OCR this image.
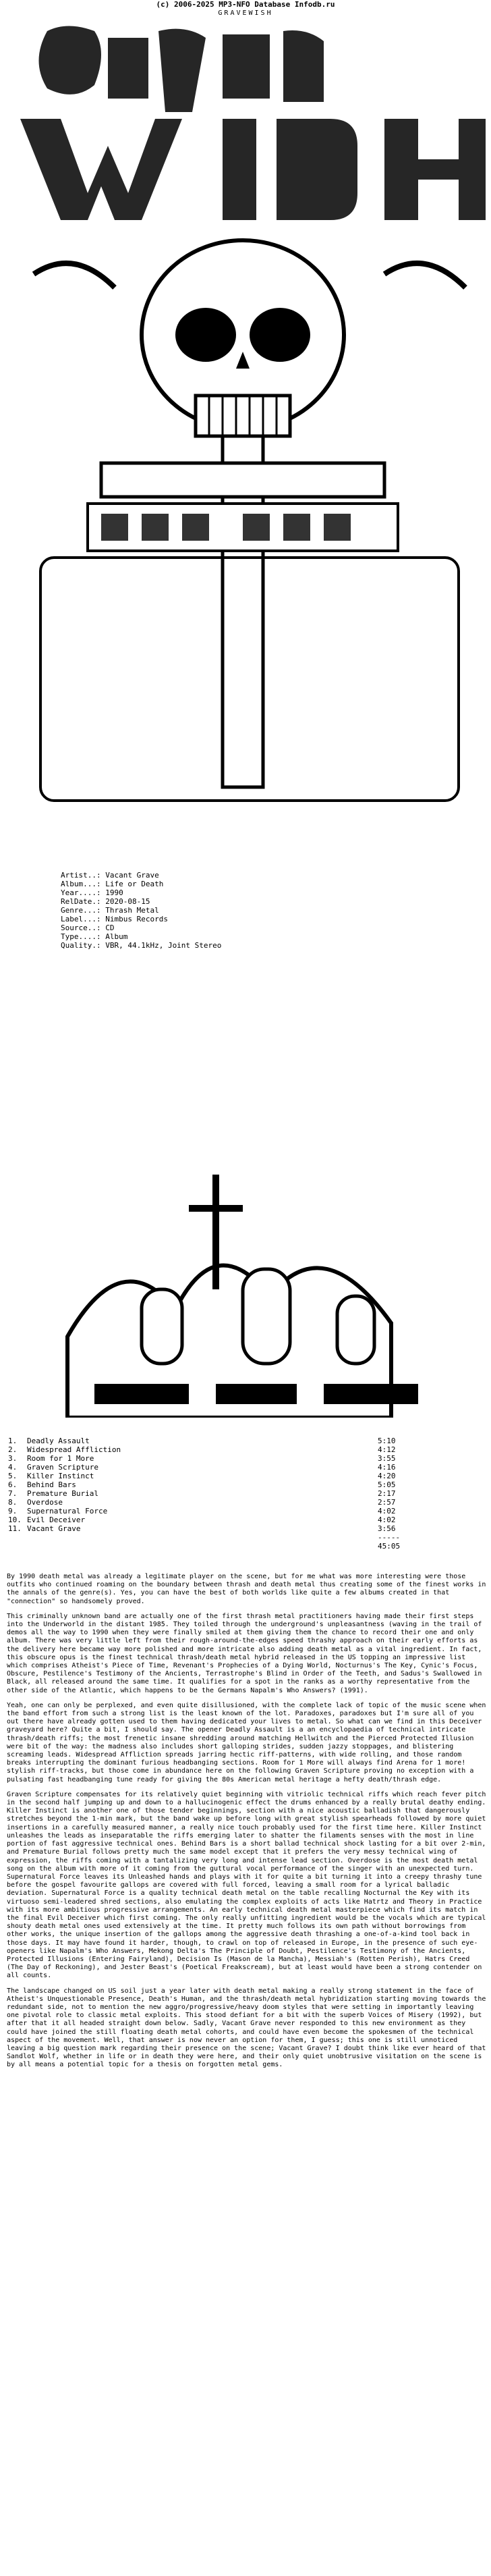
(c) 2006-2025 MP3-NFO Database Infodb.ru
GRAVEWISH
Artist..: Vacant Grave
Album...: Life or Death
Year....: 1990
RelDate.: 2020-08-15
Genre...: Thrash Metal
Label...: Nimbus Records
Source..: CD
Type....: Album
Quality.: VBR, 44.1kHz, Joint Stereo
1.	Deadly Assault	5:10
2.	Widespread Affliction	4:12
3.	Room for 1 More	3:55
4.	Graven Scripture	4:16
5.	Killer Instinct	4:20
6.	Behind Bars	5:05
7.	Premature Burial	2:17
8.	Overdose	2:57
9.	Supernatural Force	4:02
10. Evil Deceiver	4:02
11. Vacant Grave	3:56
-----
45:05

By 1990 death metal was already a legitimate player on the scene, but for me what was more interesting were those outfits who continued roaming on the boundary between thrash and death metal thus creating some of the finest works in the annals of the genre(s). Yes, you can have the best of both worlds like quite a few albums created in that "connection" so handsomely proved.

This criminally unknown band are actually one of the first thrash metal practitioners having made their first steps into the Underworld in the distant 1985. They toiled through the underground's unpleasantness (waving in the trail of demos all the way to 1990 when they were finally smiled at them giving them the chance to record their one and only album. There was very little left from their rough-around-the-edges speed thrashy approach on their early efforts as the delivery here became way more polished and more intricate also adding death metal as a vital ingredient. In fact, this obscure opus is the finest technical thrash/death metal hybrid released in the US topping an impressive list which comprises Atheist's Piece of Time, Revenant's Prophecies of a Dying World, Nocturnus's The Key, Cynic's Focus, Obscure, Pestilence's Testimony of the Ancients, Terrastrophe's Blind in Order of the Teeth, and Sadus's Swallowed in Black, all released around the same time. It qualifies for a spot in the ranks as a worthy representative from the other side of the Atlantic, which happens to be the Germans Napalm's Who Answers? (1991).

Yeah, one can only be perplexed, and even quite disillusioned, with the complete lack of topic of the music scene when the band effort from such a strong list is the least known of the lot. Paradoxes, paradoxes but I'm sure all of you out there have already gotten used to them having dedicated your lives to metal. So what can we find in this Deceiver graveyard here? Quite a bit, I should say. The opener Deadly Assault is a an encyclopaedia of technical intricate thrash/death riffs; the most frenetic insane shredding around matching Hellwitch and the Pierced Protected Illusion were bit of the way: the madness also includes short galloping strides, sudden jazzy stoppages, and blistering screaming leads. Widespread Affliction spreads jarring hectic riff-patterns, with wide rolling, and those random breaks interrupting the dominant furious headbanging sections. Room for 1 More will always find Arena for 1 more! stylish riff-tracks, but those come in abundance here on the following Graven Scripture proving no exception with a pulsating fast headbanging tune ready for giving the 80s American metal heritage a hefty death/thrash edge.

Graven Scripture compensates for its relatively quiet beginning with vitriolic technical riffs which reach fever pitch in the second half jumping up and down to a hallucinogenic effect the drums enhanced by a really brutal deathy ending. Killer Instinct is another one of those tender beginnings, section with a nice acoustic balladish that dangerously stretches beyond the 1-min mark, but the band wake up before long with great stylish spearheads followed by more quiet insertions in a carefully measured manner, a really nice touch probably used for the first time here. Killer Instinct unleashes the leads as inseparatable the riffs emerging later to shatter the filaments senses with the most in line portion of fast aggressive technical ones. Behind Bars is a short ballad technical shock lasting for a bit over 2-min, and Premature Burial follows pretty much the same model except that it prefers the very messy technical wing of expression, the riffs coming with a tantalizing very long and intense lead section. Overdose is the most death metal song on the album with more of it coming from the guttural vocal performance of the singer with an unexpected turn. Supernatural Force leaves its Unleashed hands and plays with it for quite a bit turning it into a creepy thrashy tune before the gospel favourite gallops are covered with full forced, leaving a small room for a lyrical balladic deviation. Supernatural Force is a quality technical death metal on the table recalling Nocturnal the Key with its virtuoso semi-leadered shred sections, also emulating the complex exploits of acts like Hatrtz and Theory in Practice with its more ambitious progressive arrangements. An early technical death metal masterpiece which find its match in the final Evil Deceiver which first coming. The only really unfitting ingredient would be the vocals which are typical shouty death metal ones used extensively at the time. It pretty much follows its own path without borrowings from other works, the unique insertion of the gallops among the aggressive death thrashing a one-of-a-kind tool back in those days. It may have found it harder, though, to crawl on top of released in Europe, in the presence of such eye-openers like Napalm's Who Answers, Mekong Delta's The Principle of Doubt, Pestilence's Testimony of the Ancients, Protected Illusions (Entering Fairyland), Decision Is (Mason de la Mancha), Messiah's (Rotten Perish), Hatrs Creed (The Day of Reckoning), and Jester Beast's (Poetical Freakscream), but at least would have been a strong contender on all counts.

The landscape changed on US soil just a year later with death metal making a really strong statement in the face of Atheist's Unquestionable Presence, Death's Human, and the thrash/death metal hybridization starting moving towards the redundant side, not to mention the new aggro/progressive/heavy doom styles that were setting in importantly leaving one pivotal role to classic metal exploits. This stood defiant for a bit with the superb Voices of Misery (1992), but after that it all headed straight down below. Sadly, Vacant Grave never responded to this new environment as they could have joined the still floating death metal cohorts, and could have even become the spokesmen of the technical aspect of the movement. Well, that answer is now never an option for them, I guess; this one is still unnoticed leaving a big question mark regarding their presence on the scene; Vacant Grave? I doubt think like ever heard of that Sandlot Wolf, whether in life or in death they were here, and their only quiet unobtrusive visitation on the scene is by all means a potential topic for a thesis on forgotten metal gems.
